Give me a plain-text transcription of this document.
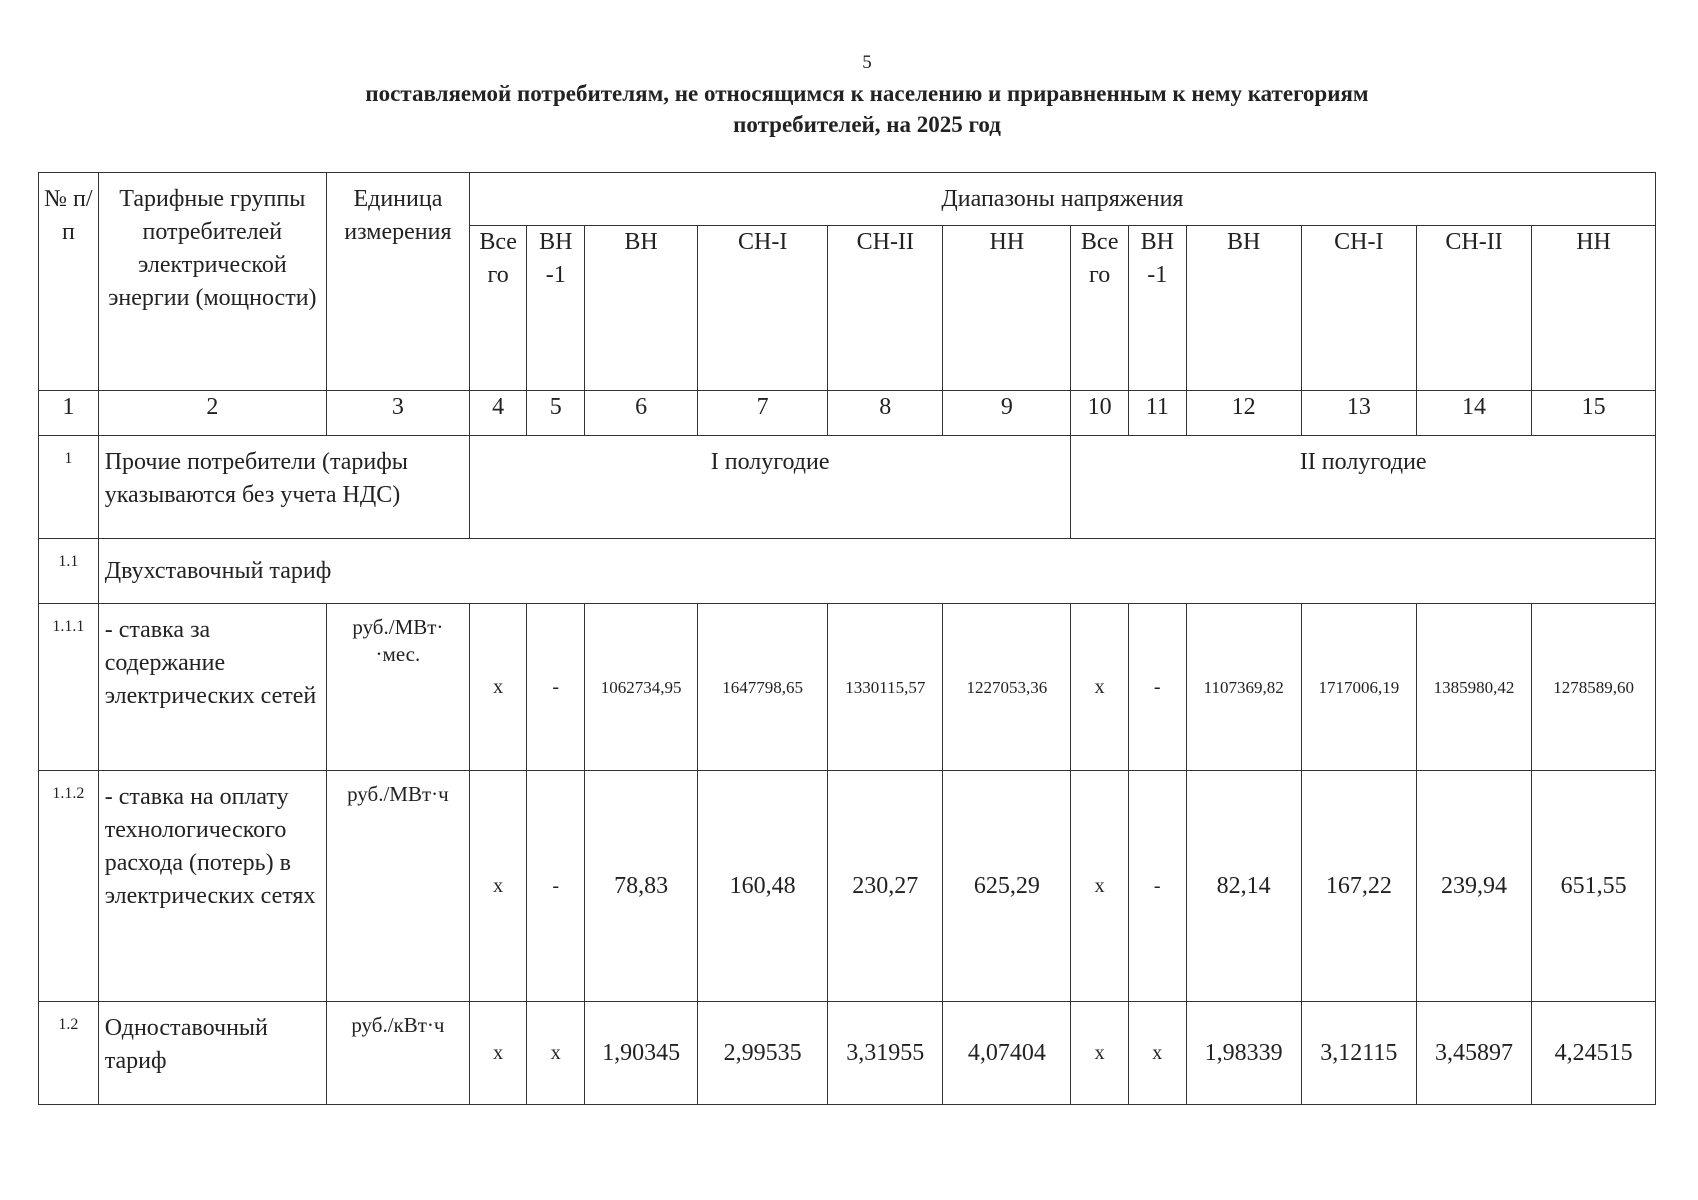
5
поставляемой потребителям, не относящимся к населению и приравненным к нему категориям
потребителей, на 2025 год
№ п/п	Тарифные группы потребителей электрической энергии (мощности)	Единица измерения	Диапазоны напряжения											
			Все го	ВН -1	ВН	СН-I	СН-II	НН	Все го	ВН -1	ВН	СН-I	СН-II	НН
1	2	3	4	5	6	7	8	9	10	11	12	13	14	15
1	Прочие потребители (тарифы указываются без учета НДС)		I полугодие						II полугодие					
1.1	Двухставочный тариф													
1.1.1	- ставка за содержание электрических сетей	руб./МВт· ·мес.	х	-	1062734,95	1647798,65	1330115,57	1227053,36	х	-	1107369,82	1717006,19	1385980,42	1278589,60
1.1.2	- ставка на оплату технологического расхода (потерь) в электрических сетях	руб./МВт·ч	х	-	78,83	160,48	230,27	625,29	х	-	82,14	167,22	239,94	651,55
1.2	Одноставочный тариф	руб./кВт·ч	х	х	1,90345	2,99535	3,31955	4,07404	х	х	1,98339	3,12115	3,45897	4,24515
